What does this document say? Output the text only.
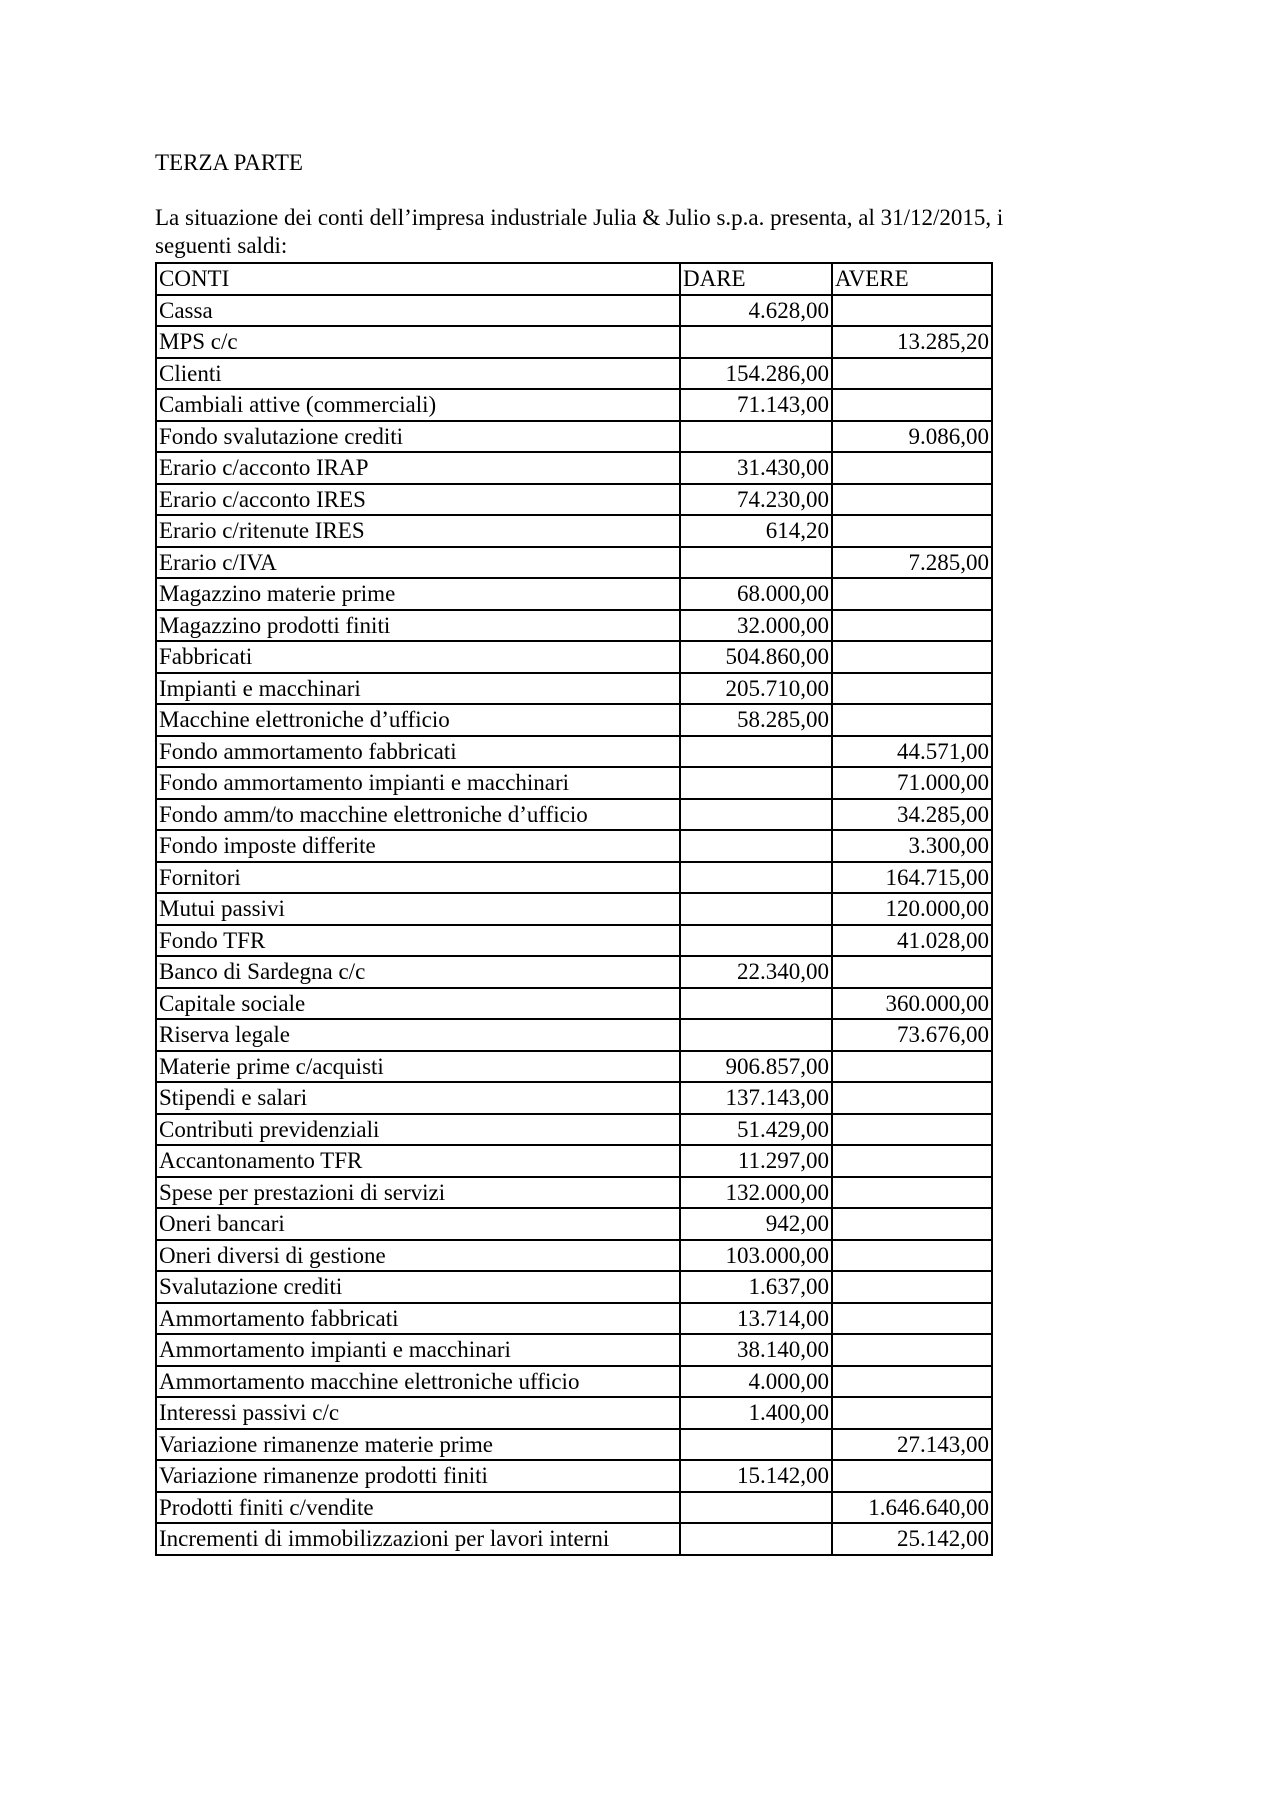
TERZA PARTE

La situazione dei conti dell’impresa industriale Julia & Julio s.p.a. presenta, al 31/12/2015, i
seguenti saldi:

CONTI	DARE	AVERE
Cassa	4.628,00	
MPS c/c		13.285,20
Clienti	154.286,00	
Cambiali attive (commerciali)	71.143,00	
Fondo svalutazione crediti		9.086,00
Erario c/acconto IRAP	31.430,00	
Erario c/acconto IRES	74.230,00	
Erario c/ritenute IRES	614,20	
Erario c/IVA		7.285,00
Magazzino materie prime	68.000,00	
Magazzino prodotti finiti	32.000,00	
Fabbricati	504.860,00	
Impianti e macchinari	205.710,00	
Macchine elettroniche d’ufficio	58.285,00	
Fondo ammortamento fabbricati		44.571,00
Fondo ammortamento impianti e macchinari		71.000,00
Fondo amm/to macchine elettroniche d’ufficio		34.285,00
Fondo imposte differite		3.300,00
Fornitori		164.715,00
Mutui passivi		120.000,00
Fondo TFR		41.028,00
Banco di Sardegna c/c	22.340,00	
Capitale sociale		360.000,00
Riserva legale		73.676,00
Materie prime c/acquisti	906.857,00	
Stipendi e salari	137.143,00	
Contributi previdenziali	51.429,00	
Accantonamento TFR	11.297,00	
Spese per prestazioni di servizi	132.000,00	
Oneri bancari	942,00	
Oneri diversi di gestione	103.000,00	
Svalutazione crediti	1.637,00	
Ammortamento fabbricati	13.714,00	
Ammortamento impianti e macchinari	38.140,00	
Ammortamento macchine elettroniche ufficio	4.000,00	
Interessi passivi c/c	1.400,00	
Variazione rimanenze materie prime		27.143,00
Variazione rimanenze prodotti finiti	15.142,00	
Prodotti finiti c/vendite		1.646.640,00
Incrementi di immobilizzazioni per lavori interni		25.142,00
